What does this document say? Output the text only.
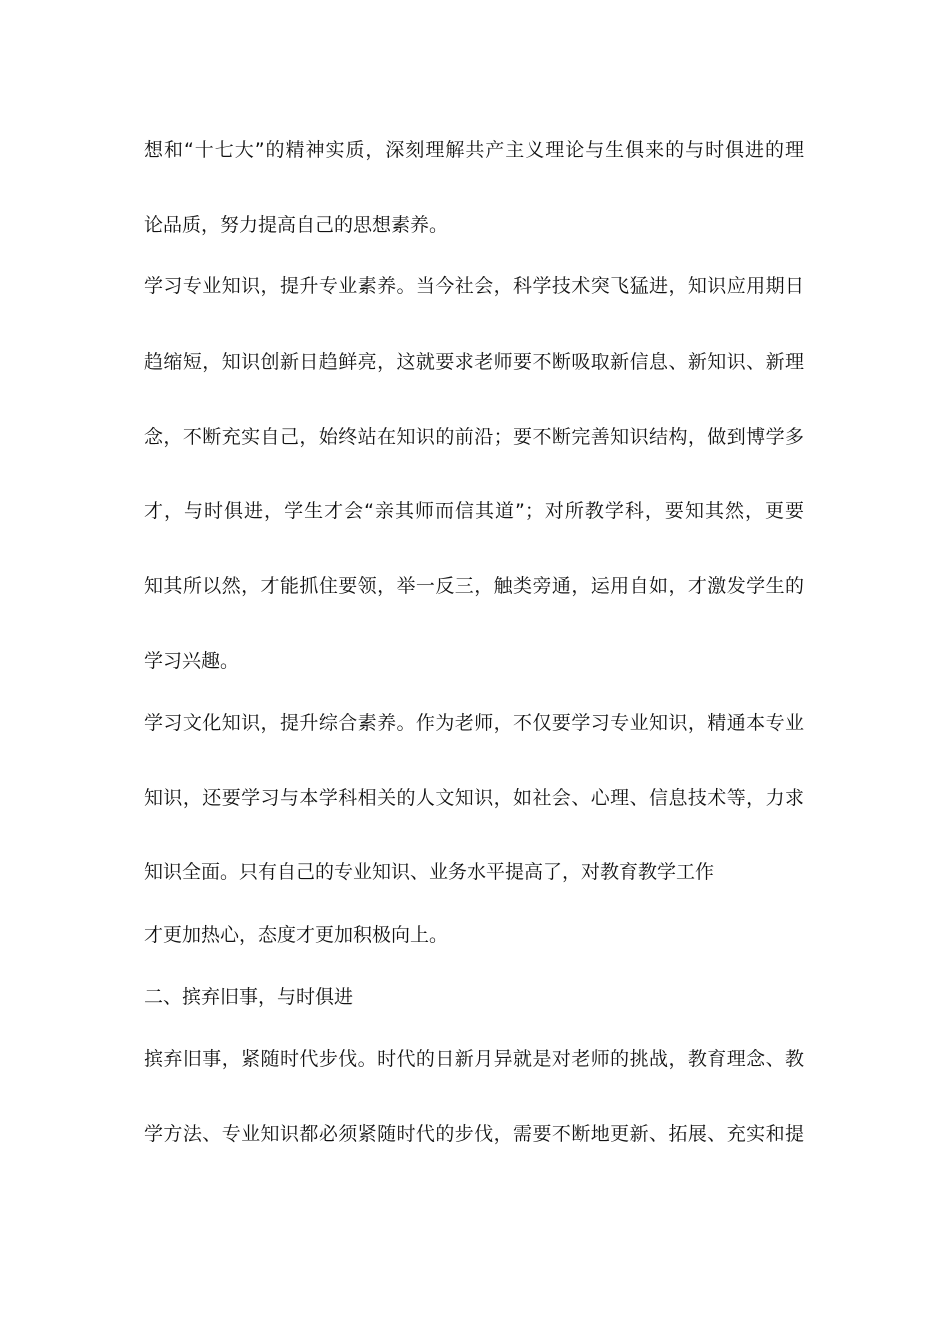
想和“十七大”的精神实质，深刻理解共产主义理论与生俱来的与时俱进的理
论品质，努力提高自己的思想素养。
学习专业知识，提升专业素养。当今社会，科学技术突飞猛进，知识应用期日
趋缩短，知识创新日趋鲜亮，这就要求老师要不断吸取新信息、新知识、新理
念，不断充实自己，始终站在知识的前沿；要不断完善知识结构，做到博学多
才，与时俱进，学生才会“亲其师而信其道”；对所教学科，要知其然，更要
知其所以然，才能抓住要领，举一反三，触类旁通，运用自如，才激发学生的
学习兴趣。
学习文化知识，提升综合素养。作为老师，不仅要学习专业知识，精通本专业
知识，还要学习与本学科相关的人文知识，如社会、心理、信息技术等，力求
知识全面。只有自己的专业知识、业务水平提高了，对教育教学工作
才更加热心，态度才更加积极向上。
二、摈弃旧事，与时俱进
摈弃旧事，紧随时代步伐。时代的日新月异就是对老师的挑战，教育理念、教
学方法、专业知识都必须紧随时代的步伐，需要不断地更新、拓展、充实和提
